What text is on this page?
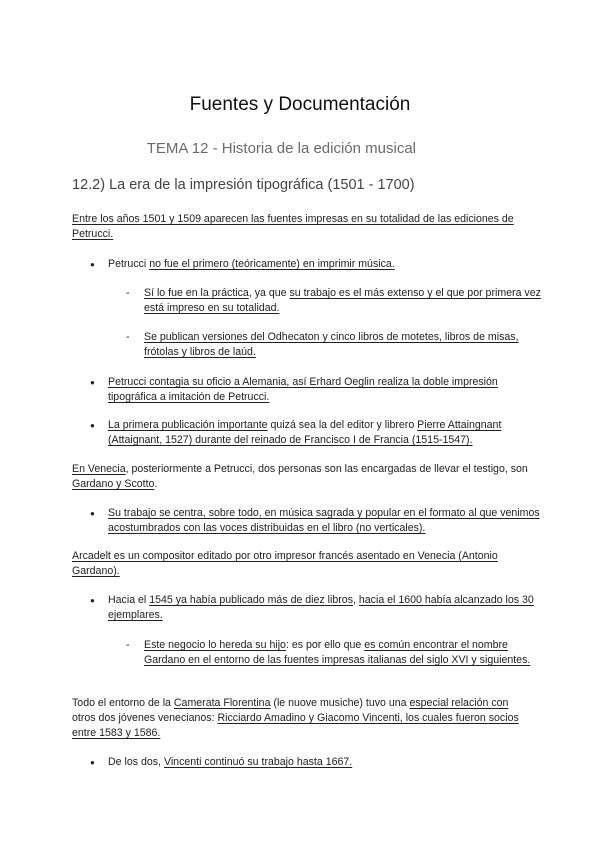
Fuentes y Documentación
TEMA 12 - Historia de la edición musical
12.2) La era de la impresión tipográfica (1501 - 1700)
Entre los años 1501 y 1509 aparecen las fuentes impresas en su totalidad de las ediciones de Petrucci.
● Petrucci no fue el primero (teóricamente) en imprimir música.
- Sí lo fue en la práctica, ya que su trabajo es el más extenso y el que por primera vez está impreso en su totalidad.
- Se publican versiones del Odhecaton y cinco libros de motetes, libros de misas, frótolas y libros de laúd.
● Petrucci contagia su oficio a Alemania, así Erhard Oeglin realiza la doble impresión tipográfica a imitación de Petrucci.
● La primera publicación importante quizá sea la del editor y librero Pierre Attaingnant (Attaignant, 1527) durante del reinado de Francisco I de Francia (1515-1547).
En Venecia, posteriormente a Petrucci, dos personas son las encargadas de llevar el testigo, son Gardano y Scotto.
● Su trabajo se centra, sobre todo, en música sagrada y popular en el formato al que venimos acostumbrados con las voces distribuidas en el libro (no verticales).
Arcadelt es un compositor editado por otro impresor francés asentado en Venecia (Antonio Gardano).
● Hacia el 1545 ya había publicado más de diez libros, hacia el 1600 había alcanzado los 30 ejemplares.
- Este negocio lo hereda su hijo: es por ello que es común encontrar el nombre Gardano en el entorno de las fuentes impresas italianas del siglo XVI y siguientes.
Todo el entorno de la Camerata Florentina (le nuove musiche) tuvo una especial relación con otros dos jóvenes venecianos: Ricciardo Amadino y Giacomo Vincenti, los cuales fueron socios entre 1583 y 1586.
● De los dos, Vincenti continuó su trabajo hasta 1667.
